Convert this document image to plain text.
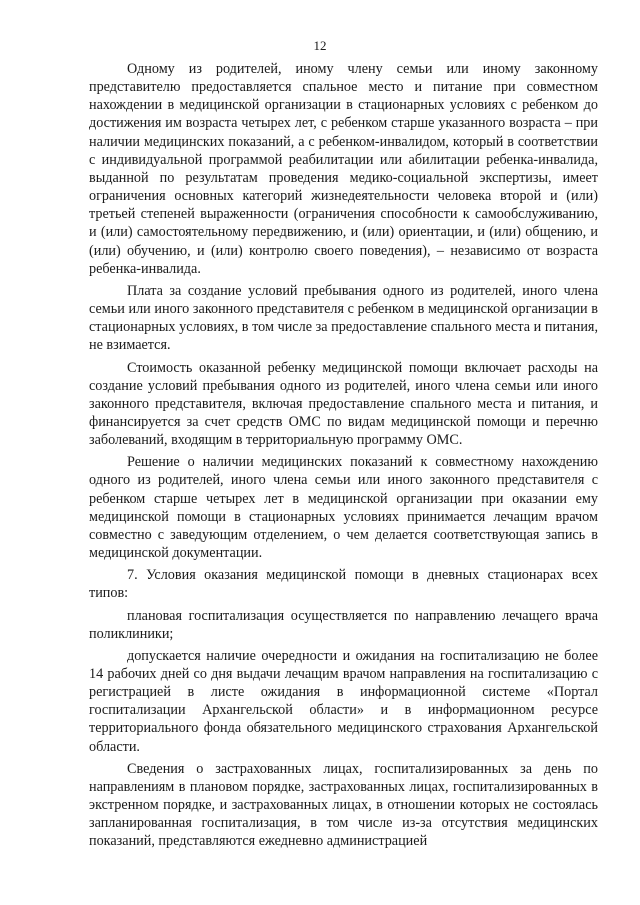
12

Одному из родителей, иному члену семьи или иному законному представителю предоставляется спальное место и питание при совместном нахождении в медицинской организации в стационарных условиях с ребенком до достижения им возраста четырех лет, с ребенком старше указанного возраста – при наличии медицинских показаний, а с ребенком-инвалидом, который в соответствии с индивидуальной программой реабилитации или абилитации ребенка-инвалида, выданной по результатам проведения медико-социальной экспертизы, имеет ограничения основных категорий жизнедеятельности человека второй и (или) третьей степеней выраженности (ограничения способности к самообслуживанию, и (или) самостоятельному передвижению, и (или) ориентации, и (или) общению, и (или) обучению, и (или) контролю своего поведения), – независимо от возраста ребенка-инвалида.

Плата за создание условий пребывания одного из родителей, иного члена семьи или иного законного представителя с ребенком в медицинской организации в стационарных условиях, в том числе за предоставление спального места и питания, не взимается.

Стоимость оказанной ребенку медицинской помощи включает расходы на создание условий пребывания одного из родителей, иного члена семьи или иного законного представителя, включая предоставление спального места и питания, и финансируется за счет средств ОМС по видам медицинской помощи и перечню заболеваний, входящим в территориальную программу ОМС.

Решение о наличии медицинских показаний к совместному нахождению одного из родителей, иного члена семьи или иного законного представителя с ребенком старше четырех лет в медицинской организации при оказании ему медицинской помощи в стационарных условиях принимается лечащим врачом совместно с заведующим отделением, о чем делается соответствующая запись в медицинской документации.

7. Условия оказания медицинской помощи в дневных стационарах всех типов:

плановая госпитализация осуществляется по направлению лечащего врача поликлиники;

допускается наличие очередности и ожидания на госпитализацию не более 14 рабочих дней со дня выдачи лечащим врачом направления на госпитализацию с регистрацией в листе ожидания в информационной системе «Портал госпитализации Архангельской области» и в информационном ресурсе территориального фонда обязательного медицинского страхования Архангельской области.

Сведения о застрахованных лицах, госпитализированных за день по направлениям в плановом порядке, застрахованных лицах, госпитализированных в экстренном порядке, и застрахованных лицах, в отношении которых не состоялась запланированная госпитализация, в том числе из-за отсутствия медицинских показаний, представляются ежедневно администрацией
